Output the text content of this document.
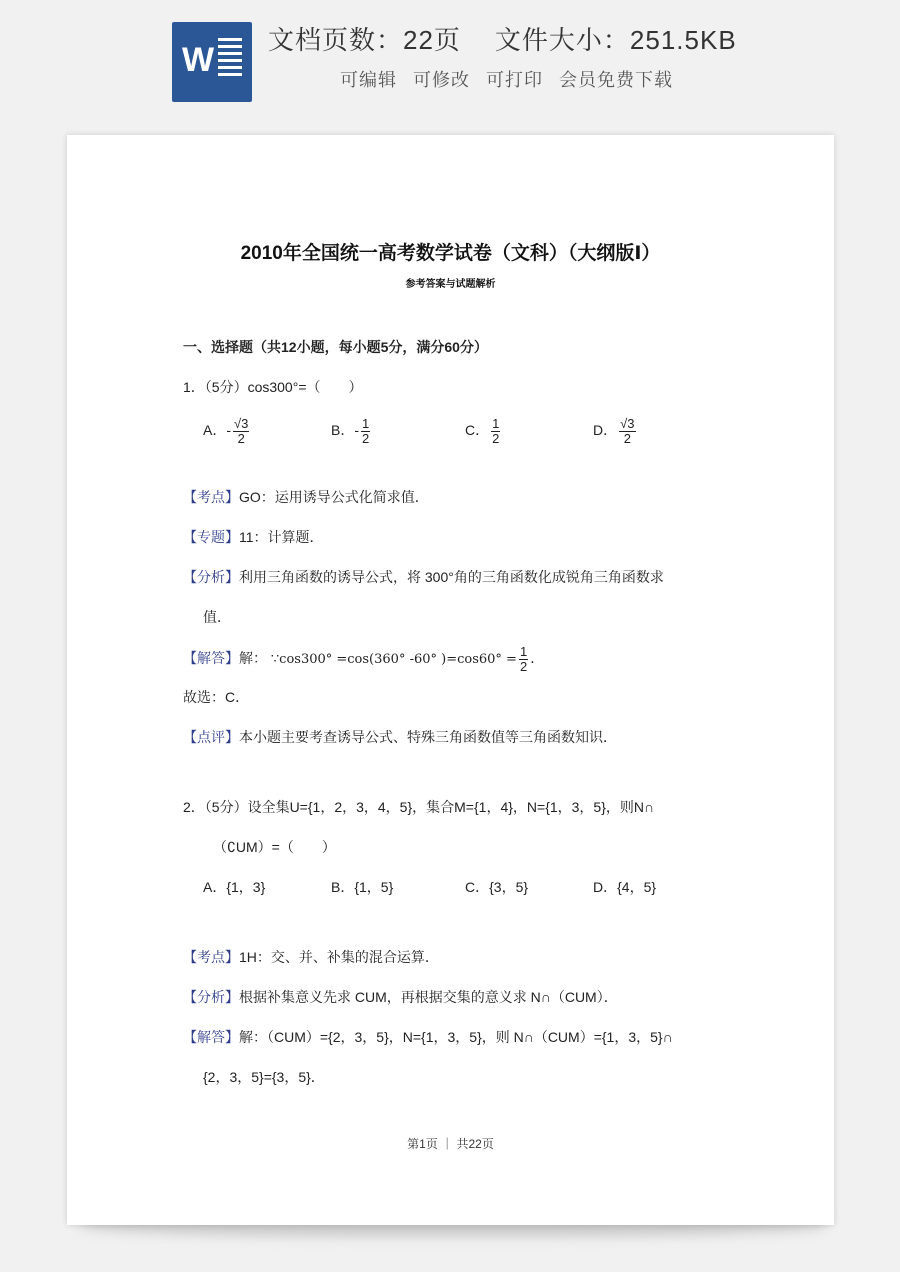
W
文档页数：22页 文件大小：251.5KB
可编辑 可修改 可打印 会员免费下载
2010年全国统一高考数学试卷（文科）（大纲版Ⅰ）
参考答案与试题解析
一、选择题（共12小题，每小题5分，满分60分）
1．（5分）cos300°=（　　）
A．- $\frac{√3}{2}$	B．- $\frac{1}{2}$	C． $\frac{1}{2}$	D． $\frac{√3}{2}$
【考点】GO：运用诱导公式化简求值．
【专题】11：计算题．
【分析】利用三角函数的诱导公式，将 300°角的三角函数化成锐角三角函数求
值．
【解答】解： ∵cos300° =cos(360° -60° )$=\cos 60^\circ = \frac{1}{2}$ ．
故选：C．
【点评】本小题主要考查诱导公式、特殊三角函数值等三角函数知识．
2．（5分）设全集U={1，2，3，4，5}，集合M={1，4}，N={1，3，5}，则N∩
（∁UM）=（　　）
A．{1，3}	B．{1，5}	C．{3，5}	D．{4，5}
【考点】1H：交、并、补集的混合运算．
【分析】根据补集意义先求 CUM，再根据交集的意义求 N∩（CUM）．
【解答】解：（CUM）={2，3，5}，N={1，3，5}，则 N∩（CUM）={1，3，5}∩
{2，3，5}={3，5}．
第1页 ｜ 共22页
